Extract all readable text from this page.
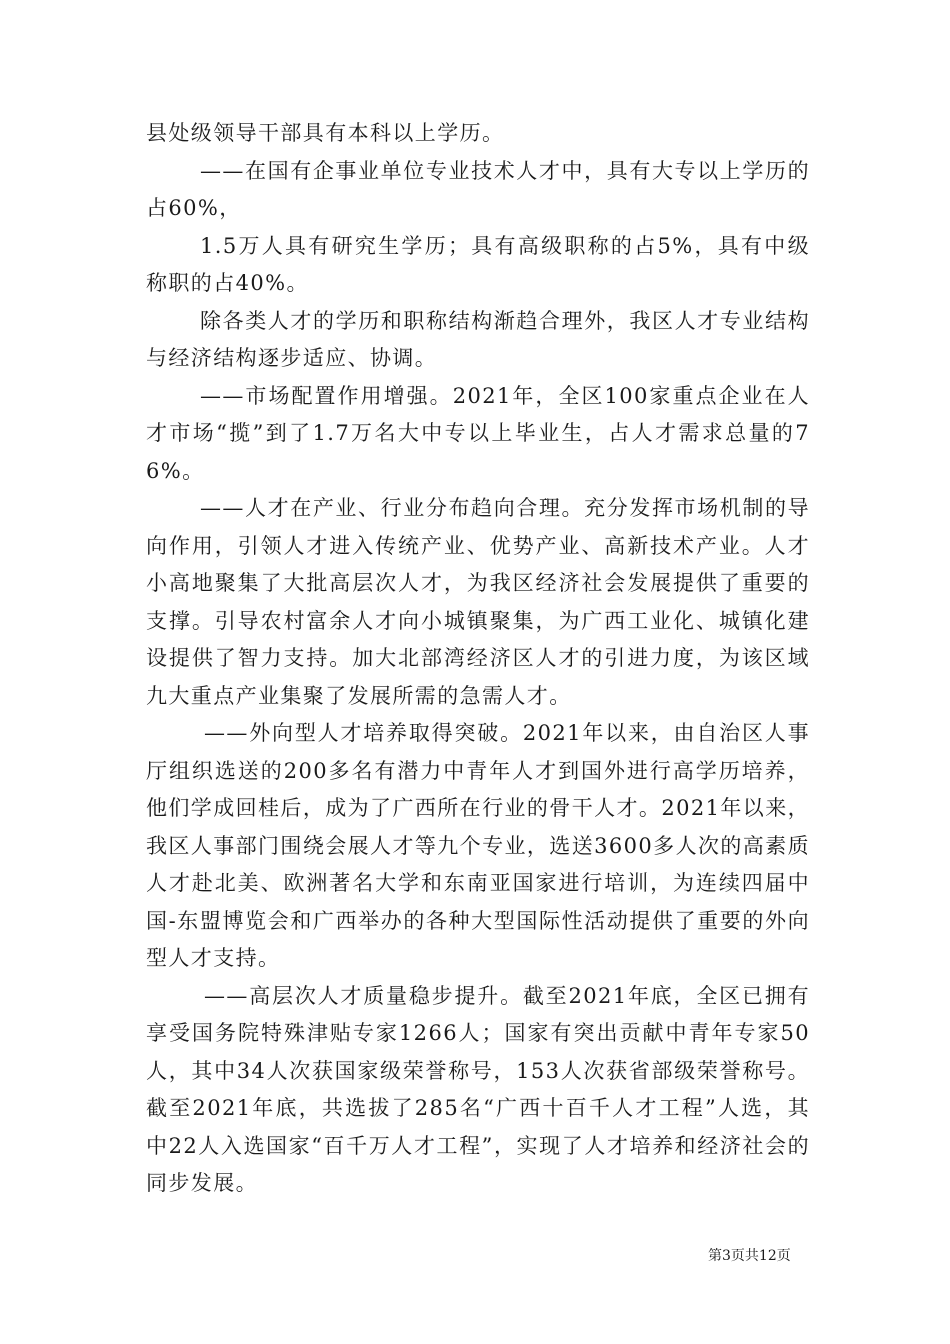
县处级领导干部具有本科以上学历。

——在国有企事业单位专业技术人才中，具有大专以上学历的占60%，

1.5万人具有研究生学历；具有高级职称的占5%，具有中级称职的占40%。

除各类人才的学历和职称结构渐趋合理外，我区人才专业结构与经济结构逐步适应、协调。

——市场配置作用增强。2021年，全区100家重点企业在人才市场“揽”到了1.7万名大中专以上毕业生，占人才需求总量的76%。

——人才在产业、行业分布趋向合理。充分发挥市场机制的导向作用，引领人才进入传统产业、优势产业、高新技术产业。人才小高地聚集了大批高层次人才，为我区经济社会发展提供了重要的支撑。引导农村富余人才向小城镇聚集，为广西工业化、城镇化建设提供了智力支持。加大北部湾经济区人才的引进力度，为该区域九大重点产业集聚了发展所需的急需人才。

——外向型人才培养取得突破。2021年以来，由自治区人事厅组织选送的200多名有潜力中青年人才到国外进行高学历培养，他们学成回桂后，成为了广西所在行业的骨干人才。2021年以来，我区人事部门围绕会展人才等九个专业，选送3600多人次的高素质人才赴北美、欧洲著名大学和东南亚国家进行培训，为连续四届中国-东盟博览会和广西举办的各种大型国际性活动提供了重要的外向型人才支持。

——高层次人才质量稳步提升。截至2021年底，全区已拥有享受国务院特殊津贴专家1266人；国家有突出贡献中青年专家50人，其中34人次获国家级荣誉称号，153人次获省部级荣誉称号。截至2021年底，共选拔了285名“广西十百千人才工程”人选，其中22人入选国家“百千万人才工程”，实现了人才培养和经济社会的同步发展。

第3页共12页
